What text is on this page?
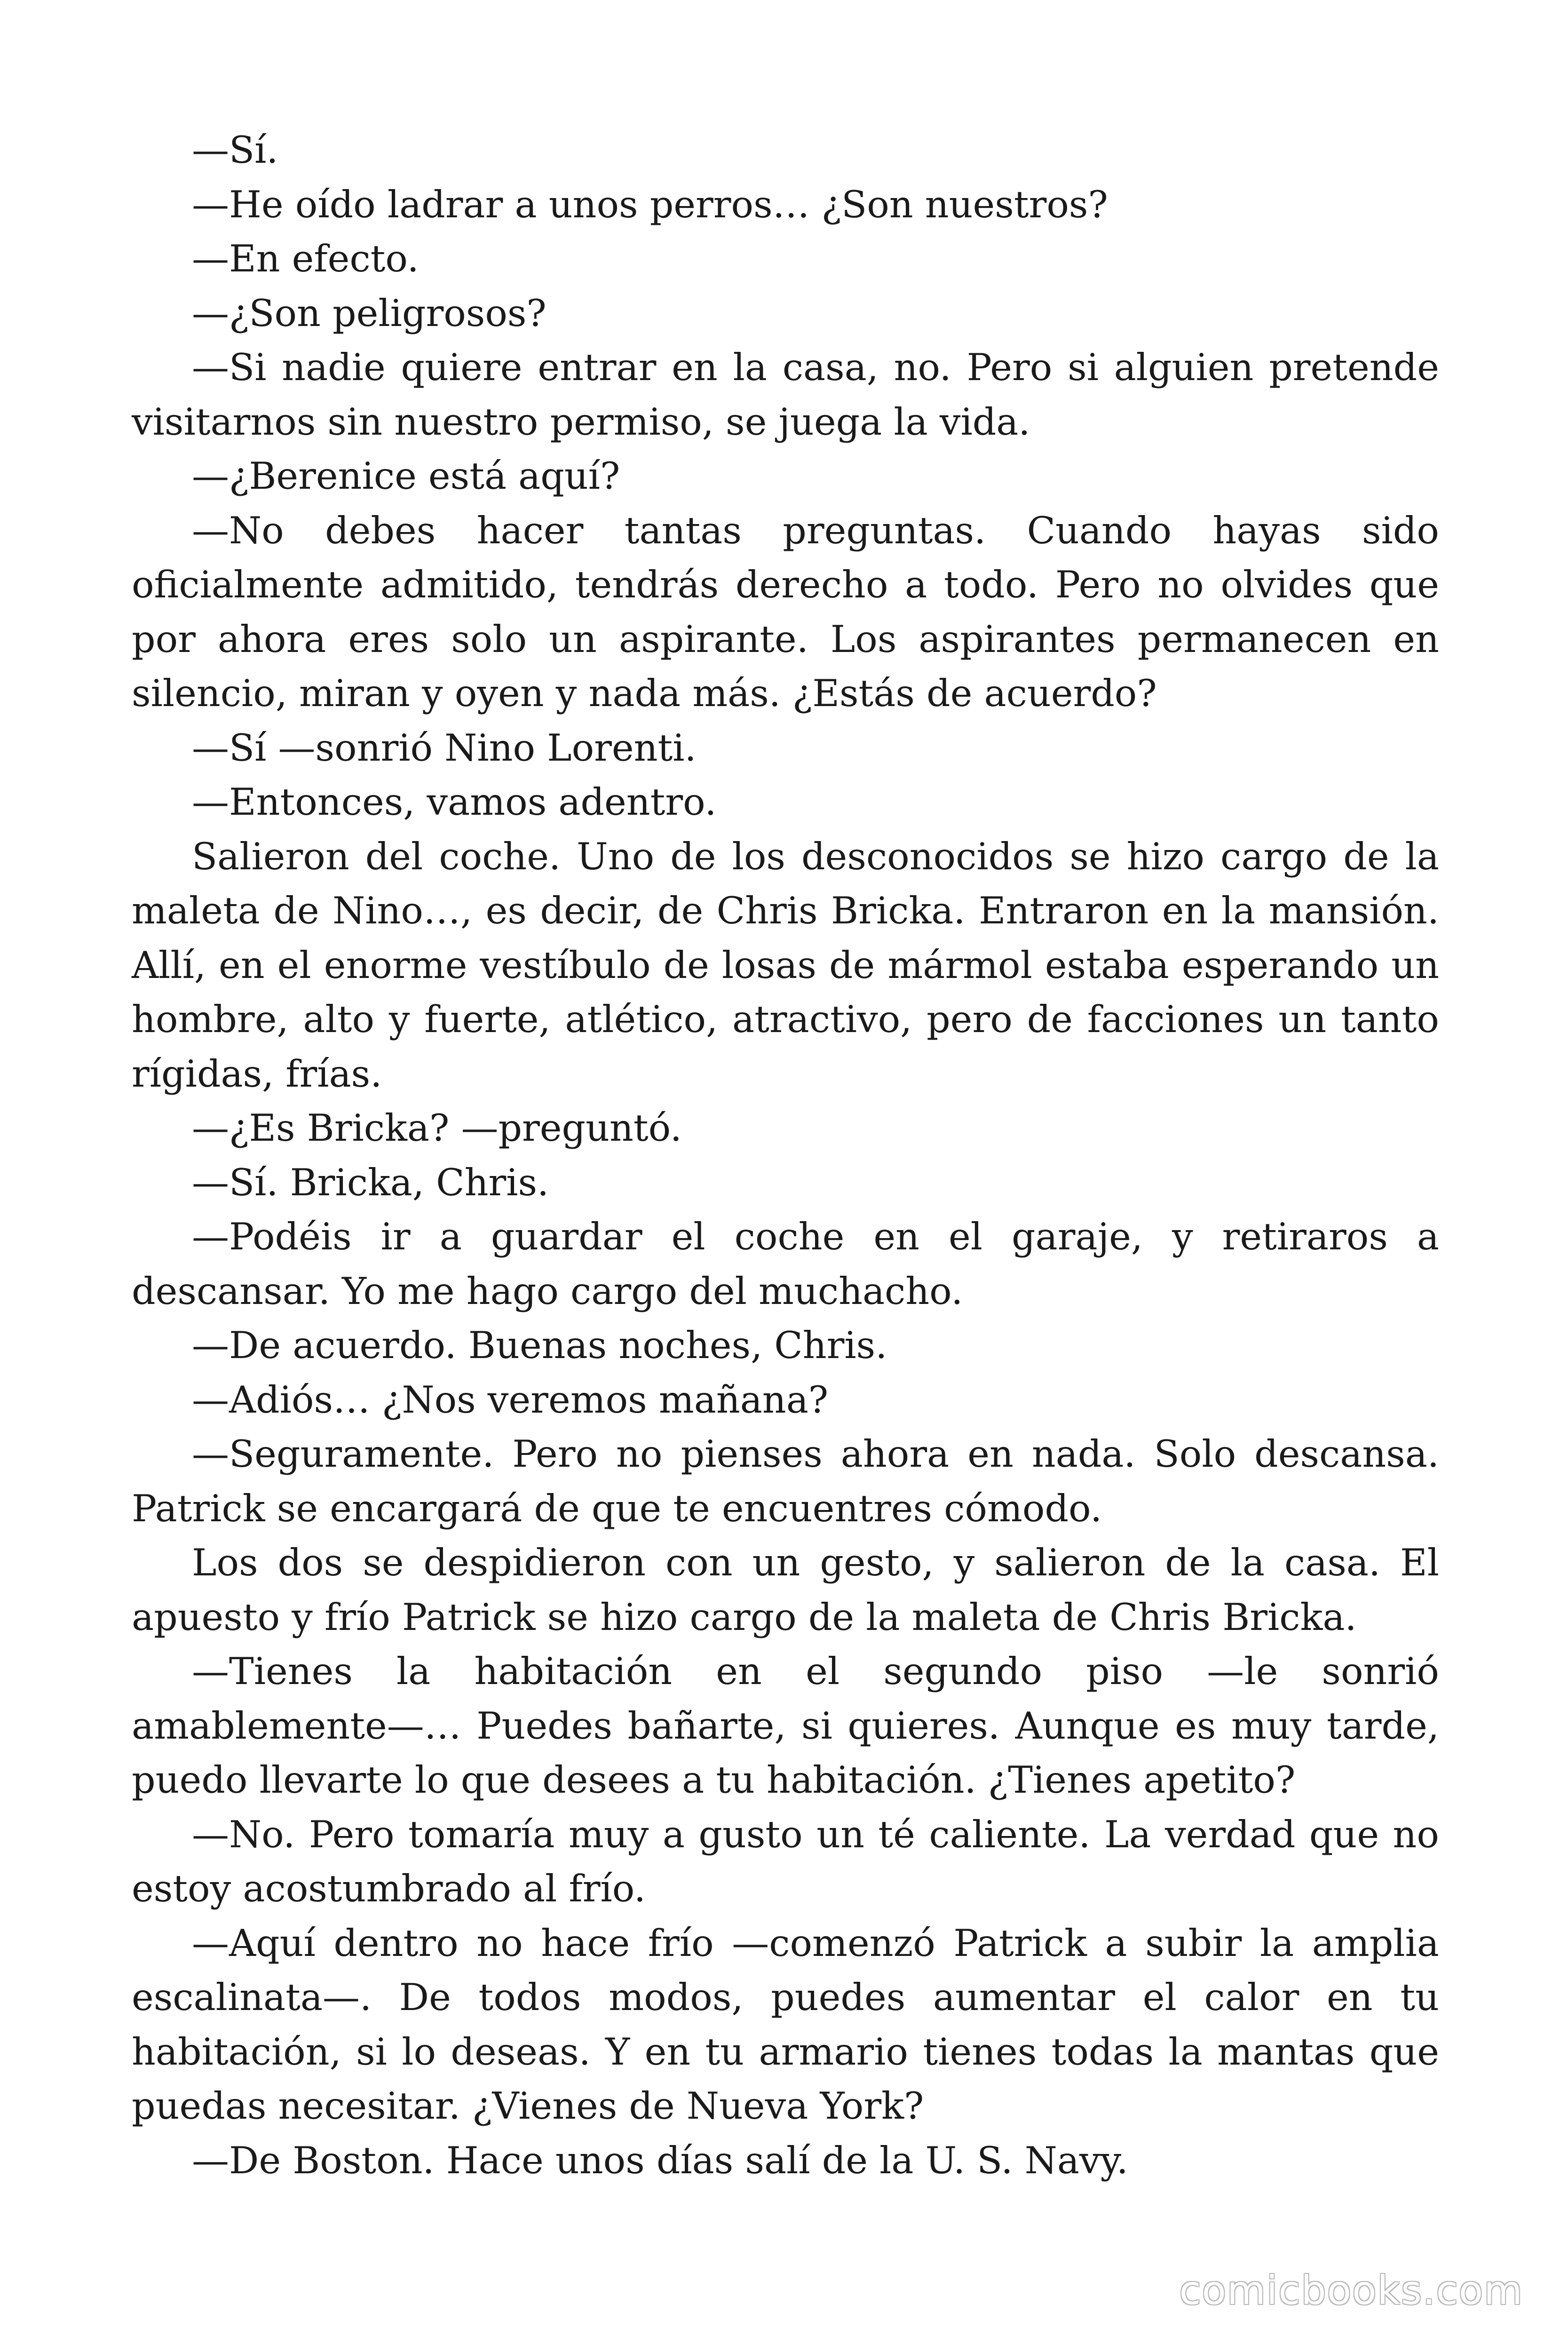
—Sí.

—He oído ladrar a unos perros… ¿Son nuestros?

—En efecto.

—¿Son peligrosos?

—Si nadie quiere entrar en la casa, no. Pero si alguien pretende visitarnos sin nuestro permiso, se juega la vida.

—¿Berenice está aquí?

—No debes hacer tantas preguntas. Cuando hayas sido oficialmente admitido, tendrás derecho a todo. Pero no olvides que por ahora eres solo un aspirante. Los aspirantes permanecen en silencio, miran y oyen y nada más. ¿Estás de acuerdo?

—Sí —sonrió Nino Lorenti.

—Entonces, vamos adentro.

Salieron del coche. Uno de los desconocidos se hizo cargo de la maleta de Nino…, es decir, de Chris Bricka. Entraron en la mansión. Allí, en el enorme vestíbulo de losas de mármol estaba esperando un hombre, alto y fuerte, atlético, atractivo, pero de facciones un tanto rígidas, frías.

—¿Es Bricka? —preguntó.

—Sí. Bricka, Chris.

—Podéis ir a guardar el coche en el garaje, y retiraros a descansar. Yo me hago cargo del muchacho.

—De acuerdo. Buenas noches, Chris.

—Adiós… ¿Nos veremos mañana?

—Seguramente. Pero no pienses ahora en nada. Solo descansa. Patrick se encargará de que te encuentres cómodo.

Los dos se despidieron con un gesto, y salieron de la casa. El apuesto y frío Patrick se hizo cargo de la maleta de Chris Bricka.

—Tienes la habitación en el segundo piso —le sonrió amablemente—… Puedes bañarte, si quieres. Aunque es muy tarde, puedo llevarte lo que desees a tu habitación. ¿Tienes apetito?

—No. Pero tomaría muy a gusto un té caliente. La verdad que no estoy acostumbrado al frío.

—Aquí dentro no hace frío —comenzó Patrick a subir la amplia escalinata—. De todos modos, puedes aumentar el calor en tu habitación, si lo deseas. Y en tu armario tienes todas la mantas que puedas necesitar. ¿Vienes de Nueva York?

—De Boston. Hace unos días salí de la U. S. Navy.

comicbooks.com
